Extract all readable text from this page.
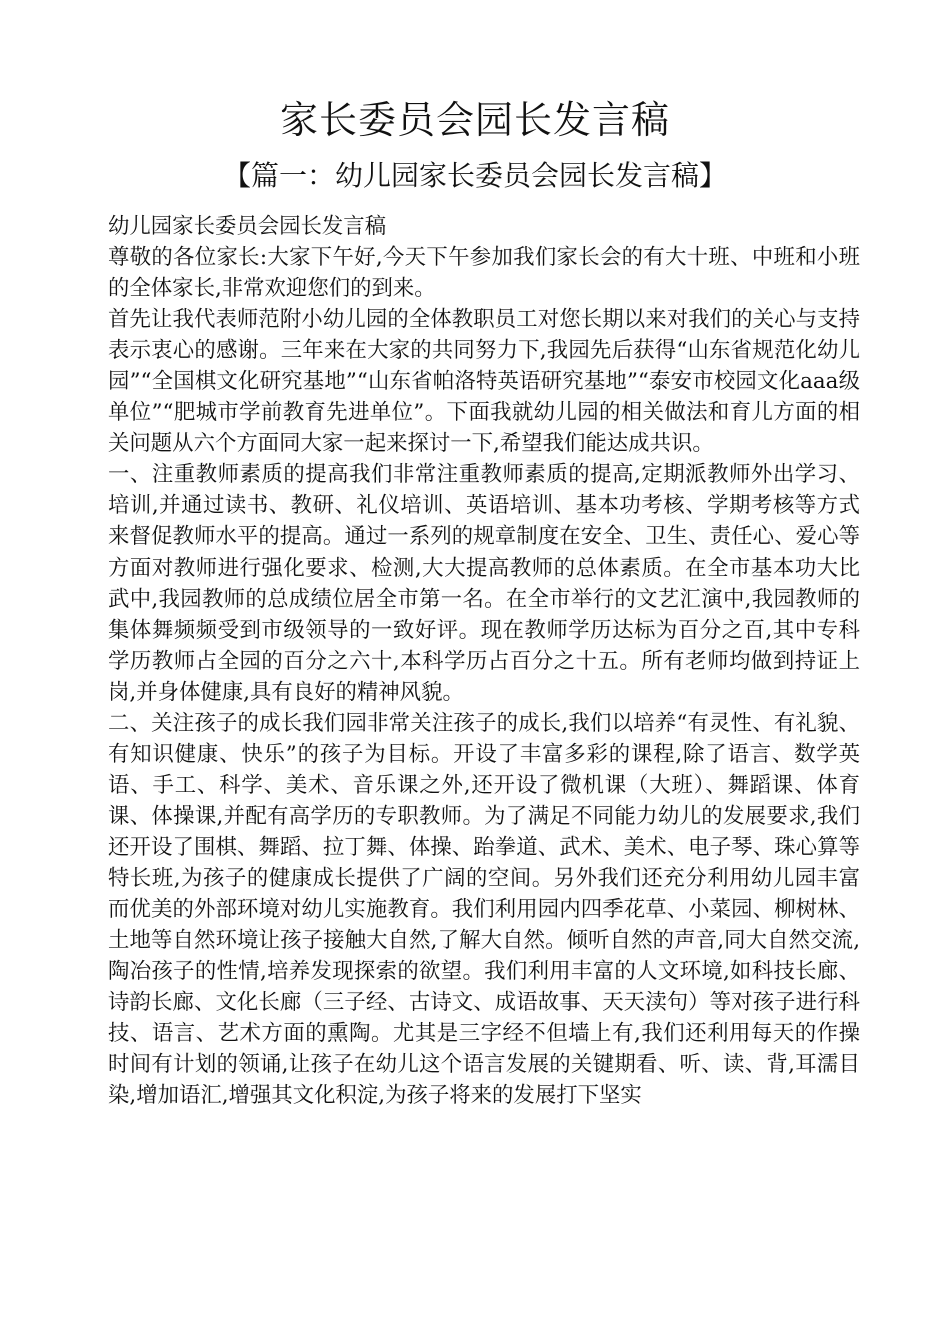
家长委员会园长发言稿
【篇一：幼儿园家长委员会园长发言稿】

幼儿园家长委员会园长发言稿

尊敬的各位家长:大家下午好,今天下午参加我们家长会的有大十班、中班和小班的全体家长,非常欢迎您们的到来。

首先让我代表师范附小幼儿园的全体教职员工对您长期以来对我们的关心与支持表示衷心的感谢。三年来在大家的共同努力下,我园先后获得“山东省规范化幼儿园”“全国棋文化研究基地”“山东省帕洛特英语研究基地”“泰安市校园文化aaa级单位”“肥城市学前教育先进单位”。下面我就幼儿园的相关做法和育儿方面的相关问题从六个方面同大家一起来探讨一下,希望我们能达成共识。

一、注重教师素质的提高我们非常注重教师素质的提高,定期派教师外出学习、培训,并通过读书、教研、礼仪培训、英语培训、基本功考核、学期考核等方式来督促教师水平的提高。通过一系列的规章制度在安全、卫生、责任心、爱心等方面对教师进行强化要求、检测,大大提高教师的总体素质。在全市基本功大比武中,我园教师的总成绩位居全市第一名。在全市举行的文艺汇演中,我园教师的集体舞频频受到市级领导的一致好评。现在教师学历达标为百分之百,其中专科学历教师占全园的百分之六十,本科学历占百分之十五。所有老师均做到持证上岗,并身体健康,具有良好的精神风貌。

二、关注孩子的成长我们园非常关注孩子的成长,我们以培养“有灵性、有礼貌、有知识健康、快乐”的孩子为目标。开设了丰富多彩的课程,除了语言、数学英语、手工、科学、美术、音乐课之外,还开设了微机课（大班）、舞蹈课、体育课、体操课,并配有高学历的专职教师。为了满足不同能力幼儿的发展要求,我们还开设了围棋、舞蹈、拉丁舞、体操、跆拳道、武术、美术、电子琴、珠心算等特长班,为孩子的健康成长提供了广阔的空间。另外我们还充分利用幼儿园丰富而优美的外部环境对幼儿实施教育。我们利用园内四季花草、小菜园、柳树林、土地等自然环境让孩子接触大自然,了解大自然。倾听自然的声音,同大自然交流,陶冶孩子的性情,培养发现探索的欲望。我们利用丰富的人文环境,如科技长廊、诗韵长廊、文化长廊（三子经、古诗文、成语故事、天天渎句）等对孩子进行科技、语言、艺术方面的熏陶。尤其是三字经不但墙上有,我们还利用每天的作操时间有计划的领诵,让孩子在幼儿这个语言发展的关键期看、听、读、背,耳濡目染,增加语汇,增强其文化积淀,为孩子将来的发展打下坚实
